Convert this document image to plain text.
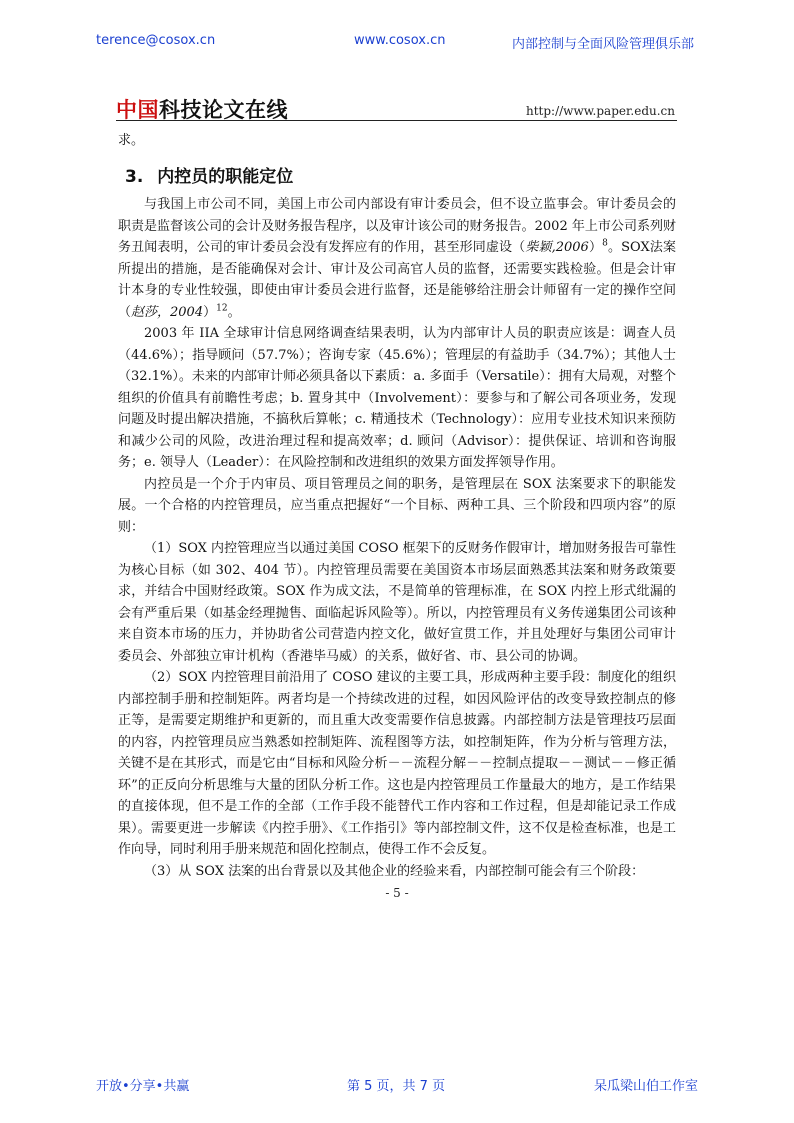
terence@cosox.cn	www.cosox.cn	内部控制与全面风险管理俱乐部
中国科技论文在线	http://www.paper.edu.cn

求。

3. 内控员的职能定位

与我国上市公司不同，美国上市公司内部设有审计委员会，但不设立监事会。审计委员会的职责是监督该公司的会计及财务报告程序，以及审计该公司的财务报告。2002 年上市公司系列财务丑闻表明，公司的审计委员会没有发挥应有的作用，甚至形同虚设（柴颖,2006）$^8$。SOX法案所提出的措施，是否能确保对会计、审计及公司高官人员的监督，还需要实践检验。但是会计审计本身的专业性较强，即使由审计委员会进行监督，还是能够给注册会计师留有一定的操作空间（赵莎，2004）$^{12}$。

2003 年 IIA 全球审计信息网络调查结果表明，认为内部审计人员的职责应该是：调查人员（44.6%）；指导顾问（57.7%）；咨询专家（45.6%）；管理层的有益助手（34.7%）；其他人士（32.1%）。未来的内部审计师必须具备以下素质：a. 多面手（Versatile）：拥有大局观，对整个组织的价值具有前瞻性考虑；b. 置身其中（Involvement）：要参与和了解公司各项业务，发现问题及时提出解决措施，不搞秋后算帐；c. 精通技术（Technology）：应用专业技术知识来预防和减少公司的风险，改进治理过程和提高效率；d. 顾问（Advisor）：提供保证、培训和咨询服务；e. 领导人（Leader）：在风险控制和改进组织的效果方面发挥领导作用。

内控员是一个介于内审员、项目管理员之间的职务，是管理层在 SOX 法案要求下的职能发展。一个合格的内控管理员，应当重点把握好“一个目标、两种工具、三个阶段和四项内容”的原则：

（1）SOX 内控管理应当以通过美国 COSO 框架下的反财务作假审计，增加财务报告可靠性为核心目标（如 302、404 节）。内控管理员需要在美国资本市场层面熟悉其法案和财务政策要求，并结合中国财经政策。SOX 作为成文法，不是简单的管理标准，在 SOX 内控上形式纰漏的会有严重后果（如基金经理抛售、面临起诉风险等）。所以，内控管理员有义务传递集团公司该种来自资本市场的压力，并协助省公司营造内控文化，做好宣贯工作，并且处理好与集团公司审计委员会、外部独立审计机构（香港毕马威）的关系，做好省、市、县公司的协调。

（2）SOX 内控管理目前沿用了 COSO 建议的主要工具，形成两种主要手段：制度化的组织内部控制手册和控制矩阵。两者均是一个持续改进的过程，如因风险评估的改变导致控制点的修正等，是需要定期维护和更新的，而且重大改变需要作信息披露。内部控制方法是管理技巧层面的内容，内控管理员应当熟悉如控制矩阵、流程图等方法，如控制矩阵，作为分析与管理方法，关键不是在其形式，而是它由“目标和风险分析－－流程分解－－控制点提取－－测试－－修正循环”的正反向分析思维与大量的团队分析工作。这也是内控管理员工作量最大的地方，是工作结果的直接体现，但不是工作的全部（工作手段不能替代工作内容和工作过程，但是却能记录工作成果）。需要更进一步解读《内控手册》、《工作指引》等内部控制文件，这不仅是检查标准，也是工作向导，同时利用手册来规范和固化控制点，使得工作不会反复。

（3）从 SOX 法案的出台背景以及其他企业的经验来看，内部控制可能会有三个阶段：

- 5 -
开放•分享•共赢	第 5 页，共 7 页	呆瓜梁山伯工作室
